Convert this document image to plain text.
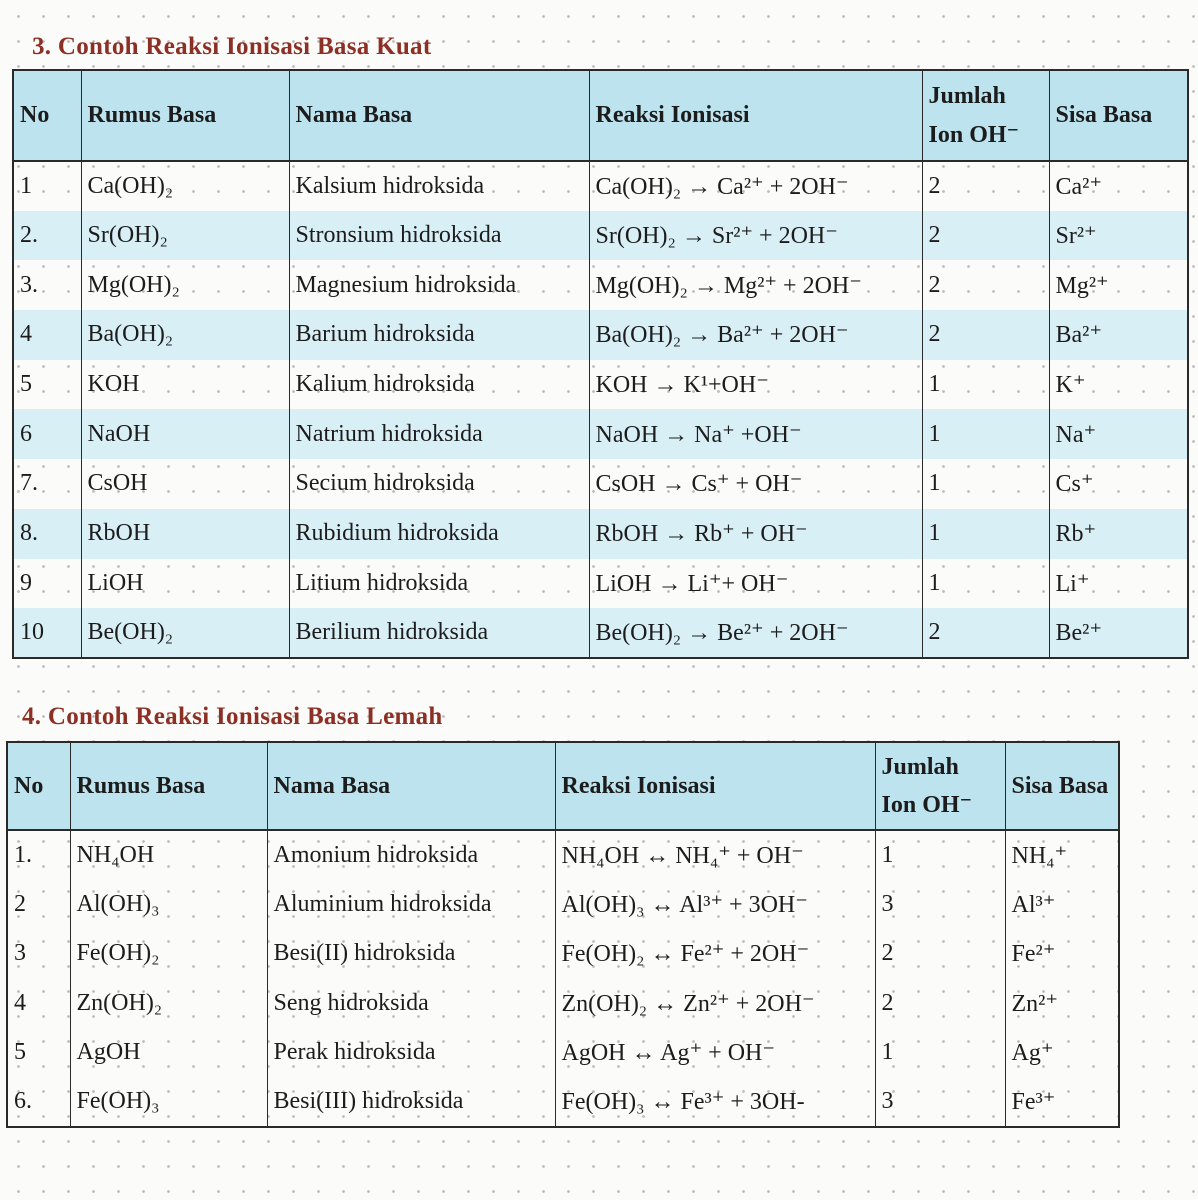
3. Contoh Reaksi Ionisasi Basa Kuat
No	Rumus Basa	Nama Basa	Reaksi Ionisasi	Jumlah Ion OH⁻	Sisa Basa
1	Ca(OH)₂	Kalsium hidroksida	Ca(OH)₂ → Ca²⁺ + 2OH⁻	2	Ca²⁺
2.	Sr(OH)₂	Stronsium hidroksida	Sr(OH)₂ → Sr²⁺ + 2OH⁻	2	Sr²⁺
3.	Mg(OH)₂	Magnesium hidroksida	Mg(OH)₂ → Mg²⁺ + 2OH⁻	2	Mg²⁺
4	Ba(OH)₂	Barium hidroksida	Ba(OH)₂ → Ba²⁺ + 2OH⁻	2	Ba²⁺
5	KOH	Kalium hidroksida	KOH → K¹+OH⁻	1	K⁺
6	NaOH	Natrium hidroksida	NaOH → Na⁺ +OH⁻	1	Na⁺
7.	CsOH	Secium hidroksida	CsOH → Cs⁺ + OH⁻	1	Cs⁺
8.	RbOH	Rubidium hidroksida	RbOH → Rb⁺ + OH⁻	1	Rb⁺
9	LiOH	Litium hidroksida	LiOH → Li⁺+ OH⁻	1	Li⁺
10	Be(OH)₂	Berilium hidroksida	Be(OH)₂ → Be²⁺ + 2OH⁻	2	Be²⁺
4. Contoh Reaksi Ionisasi Basa Lemah
No	Rumus Basa	Nama Basa	Reaksi Ionisasi	Jumlah Ion OH⁻	Sisa Basa
1.	NH₄OH	Amonium hidroksida	NH₄OH ↔ NH₄⁺ + OH⁻	1	NH₄⁺
2	Al(OH)₃	Aluminium hidroksida	Al(OH)₃ ↔ Al³⁺ + 3OH⁻	3	Al³⁺
3	Fe(OH)₂	Besi(II) hidroksida	Fe(OH)₂ ↔ Fe²⁺ + 2OH⁻	2	Fe²⁺
4	Zn(OH)₂	Seng hidroksida	Zn(OH)₂ ↔ Zn²⁺ + 2OH⁻	2	Zn²⁺
5	AgOH	Perak hidroksida	AgOH ↔ Ag⁺ + OH⁻	1	Ag⁺
6.	Fe(OH)₃	Besi(III) hidroksida	Fe(OH)₃ ↔ Fe³⁺ + 3OH-	3	Fe³⁺
